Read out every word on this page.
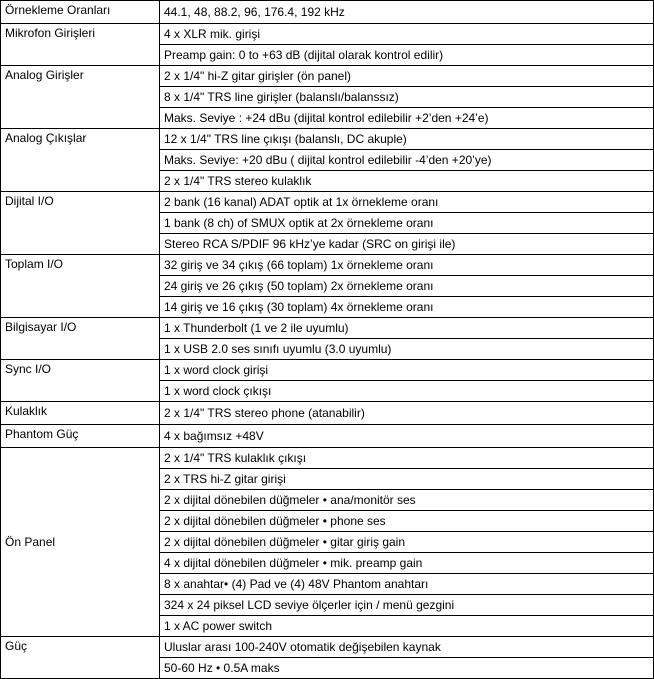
Örnekleme Oranları	44.1, 48, 88.2, 96, 176.4, 192 kHz
Mikrofon Girişleri	4 x XLR mik. girişi
	Preamp gain: 0 to +63 dB (dijital olarak kontrol edilir)
Analog Girişler	2 x 1/4" hi-Z gitar girişler (ön panel)
	8 x 1/4" TRS line girişler (balanslı/balanssız)
	Maks. Seviye : +24 dBu (dijital kontrol edilebilir +2’den +24’e)
Analog Çıkışlar	12 x 1/4" TRS line çıkışı (balanslı, DC akuple)
	Maks. Seviye: +20 dBu ( dijital kontrol edilebilir -4’den +20’ye)
	2 x 1/4" TRS stereo kulaklık
Dijital I/O	2 bank (16 kanal) ADAT optik at 1x örnekleme oranı
	1 bank (8 ch) of SMUX optik at 2x örnekleme oranı
	Stereo RCA S/PDIF 96 kHz’ye kadar (SRC on girişi ile)
Toplam I/O	32 giriş ve 34 çıkış (66 toplam) 1x örnekleme oranı
	24 giriş ve 26 çıkış (50 toplam) 2x örnekleme oranı
	14 giriş ve 16 çıkış (30 toplam) 4x örnekleme oranı
Bilgisayar I/O	1 x Thunderbolt (1 ve 2 ile uyumlu)
	1 x USB 2.0 ses sınıfı uyumlu (3.0 uyumlu)
Sync I/O	1 x word clock girişi
	1 x word clock çıkışı
Kulaklık	2 x 1/4" TRS stereo phone (atanabilir)
Phantom Güç	4 x bağımsız +48V
Ön Panel	2 x 1/4" TRS kulaklık çıkışı
	2 x TRS hi-Z gitar girişi
	2 x dijital dönebilen düğmeler • ana/monitör ses
	2 x dijital dönebilen düğmeler • phone ses
	2 x dijital dönebilen düğmeler • gitar giriş gain
	4 x dijital dönebilen düğmeler • mik. preamp gain
	8 x anahtar• (4) Pad ve (4) 48V Phantom anahtarı
	324 x 24 piksel LCD seviye ölçerler için / menü gezgini
	1 x AC power switch
Güç	Uluslar arası 100-240V otomatik değişebilen kaynak
	50-60 Hz • 0.5A maks
